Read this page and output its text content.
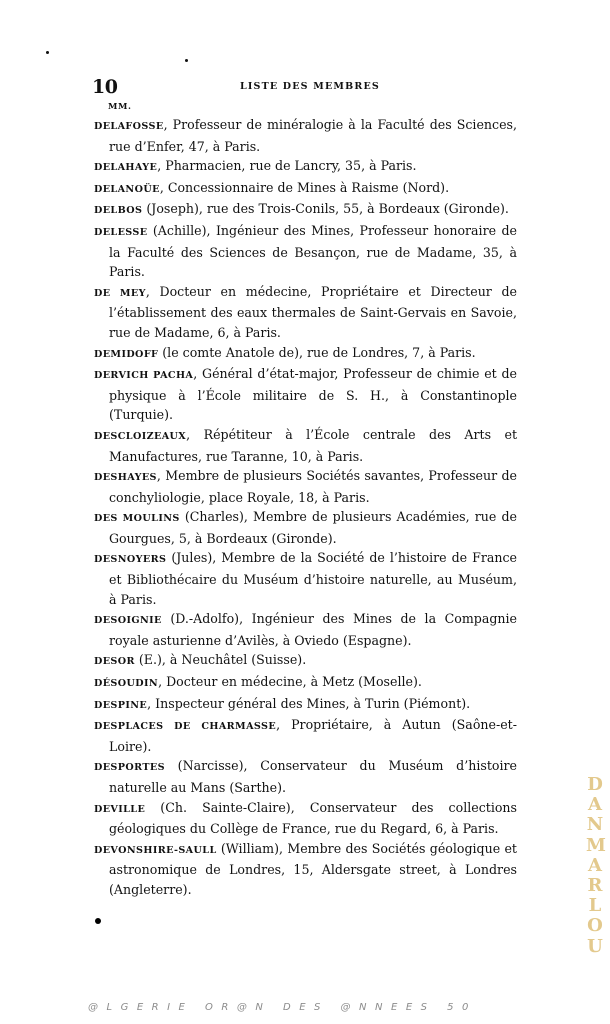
10	LISTE DES MEMBRES
MM.

DELAFOSSE, Professeur de minéralogie à la Faculté des Sciences, rue d’Enfer, 47, à Paris.

DELAHAYE, Pharmacien, rue de Lancry, 35, à Paris.

DELANOÜE, Concessionnaire de Mines à Raisme (Nord).

DELBOS (Joseph), rue des Trois-Conils, 55, à Bordeaux (Gironde).

DELESSE (Achille), Ingénieur des Mines, Professeur honoraire de la Faculté des Sciences de Besançon, rue de Madame, 35, à Paris.

DE MEY, Docteur en médecine, Propriétaire et Directeur de l’établissement des eaux thermales de Saint-Gervais en Savoie, rue de Madame, 6, à Paris.

DEMIDOFF (le comte Anatole de), rue de Londres, 7, à Paris.

DERVICH PACHA, Général d’état-major, Professeur de chimie et de physique à l’École militaire de S. H., à Constantinople (Turquie).

DESCLOIZEAUX, Répétiteur à l’École centrale des Arts et Manufactures, rue Taranne, 10, à Paris.

DESHAYES, Membre de plusieurs Sociétés savantes, Professeur de conchyliologie, place Royale, 18, à Paris.

DES MOULINS (Charles), Membre de plusieurs Académies, rue de Gourgues, 5, à Bordeaux (Gironde).

DESNOYERS (Jules), Membre de la Société de l’histoire de France et Bibliothécaire du Muséum d’histoire naturelle, au Muséum, à Paris.

DESOIGNIE (D.-Adolfo), Ingénieur des Mines de la Compagnie royale asturienne d’Avilès, à Oviedo (Espagne).

DESOR (E.), à Neuchâtel (Suisse).

DÉSOUDIN, Docteur en médecine, à Metz (Moselle).

DESPINE, Inspecteur général des Mines, à Turin (Piémont).

DESPLACES DE CHARMASSE, Propriétaire, à Autun (Saône-et-Loire).

DESPORTES (Narcisse), Conservateur du Muséum d’histoire naturelle au Mans (Sarthe).

DEVILLE (Ch. Sainte-Claire), Conservateur des collections géologiques du Collège de France, rue du Regard, 6, à Paris.

DEVONSHIRE-SAULL (William), Membre des Sociétés géologique et astronomique de Londres, 15, Aldersgate street, à Londres (Angleterre).

DANMARLOU
@LGERIE OR@N DES @NNEES 50
